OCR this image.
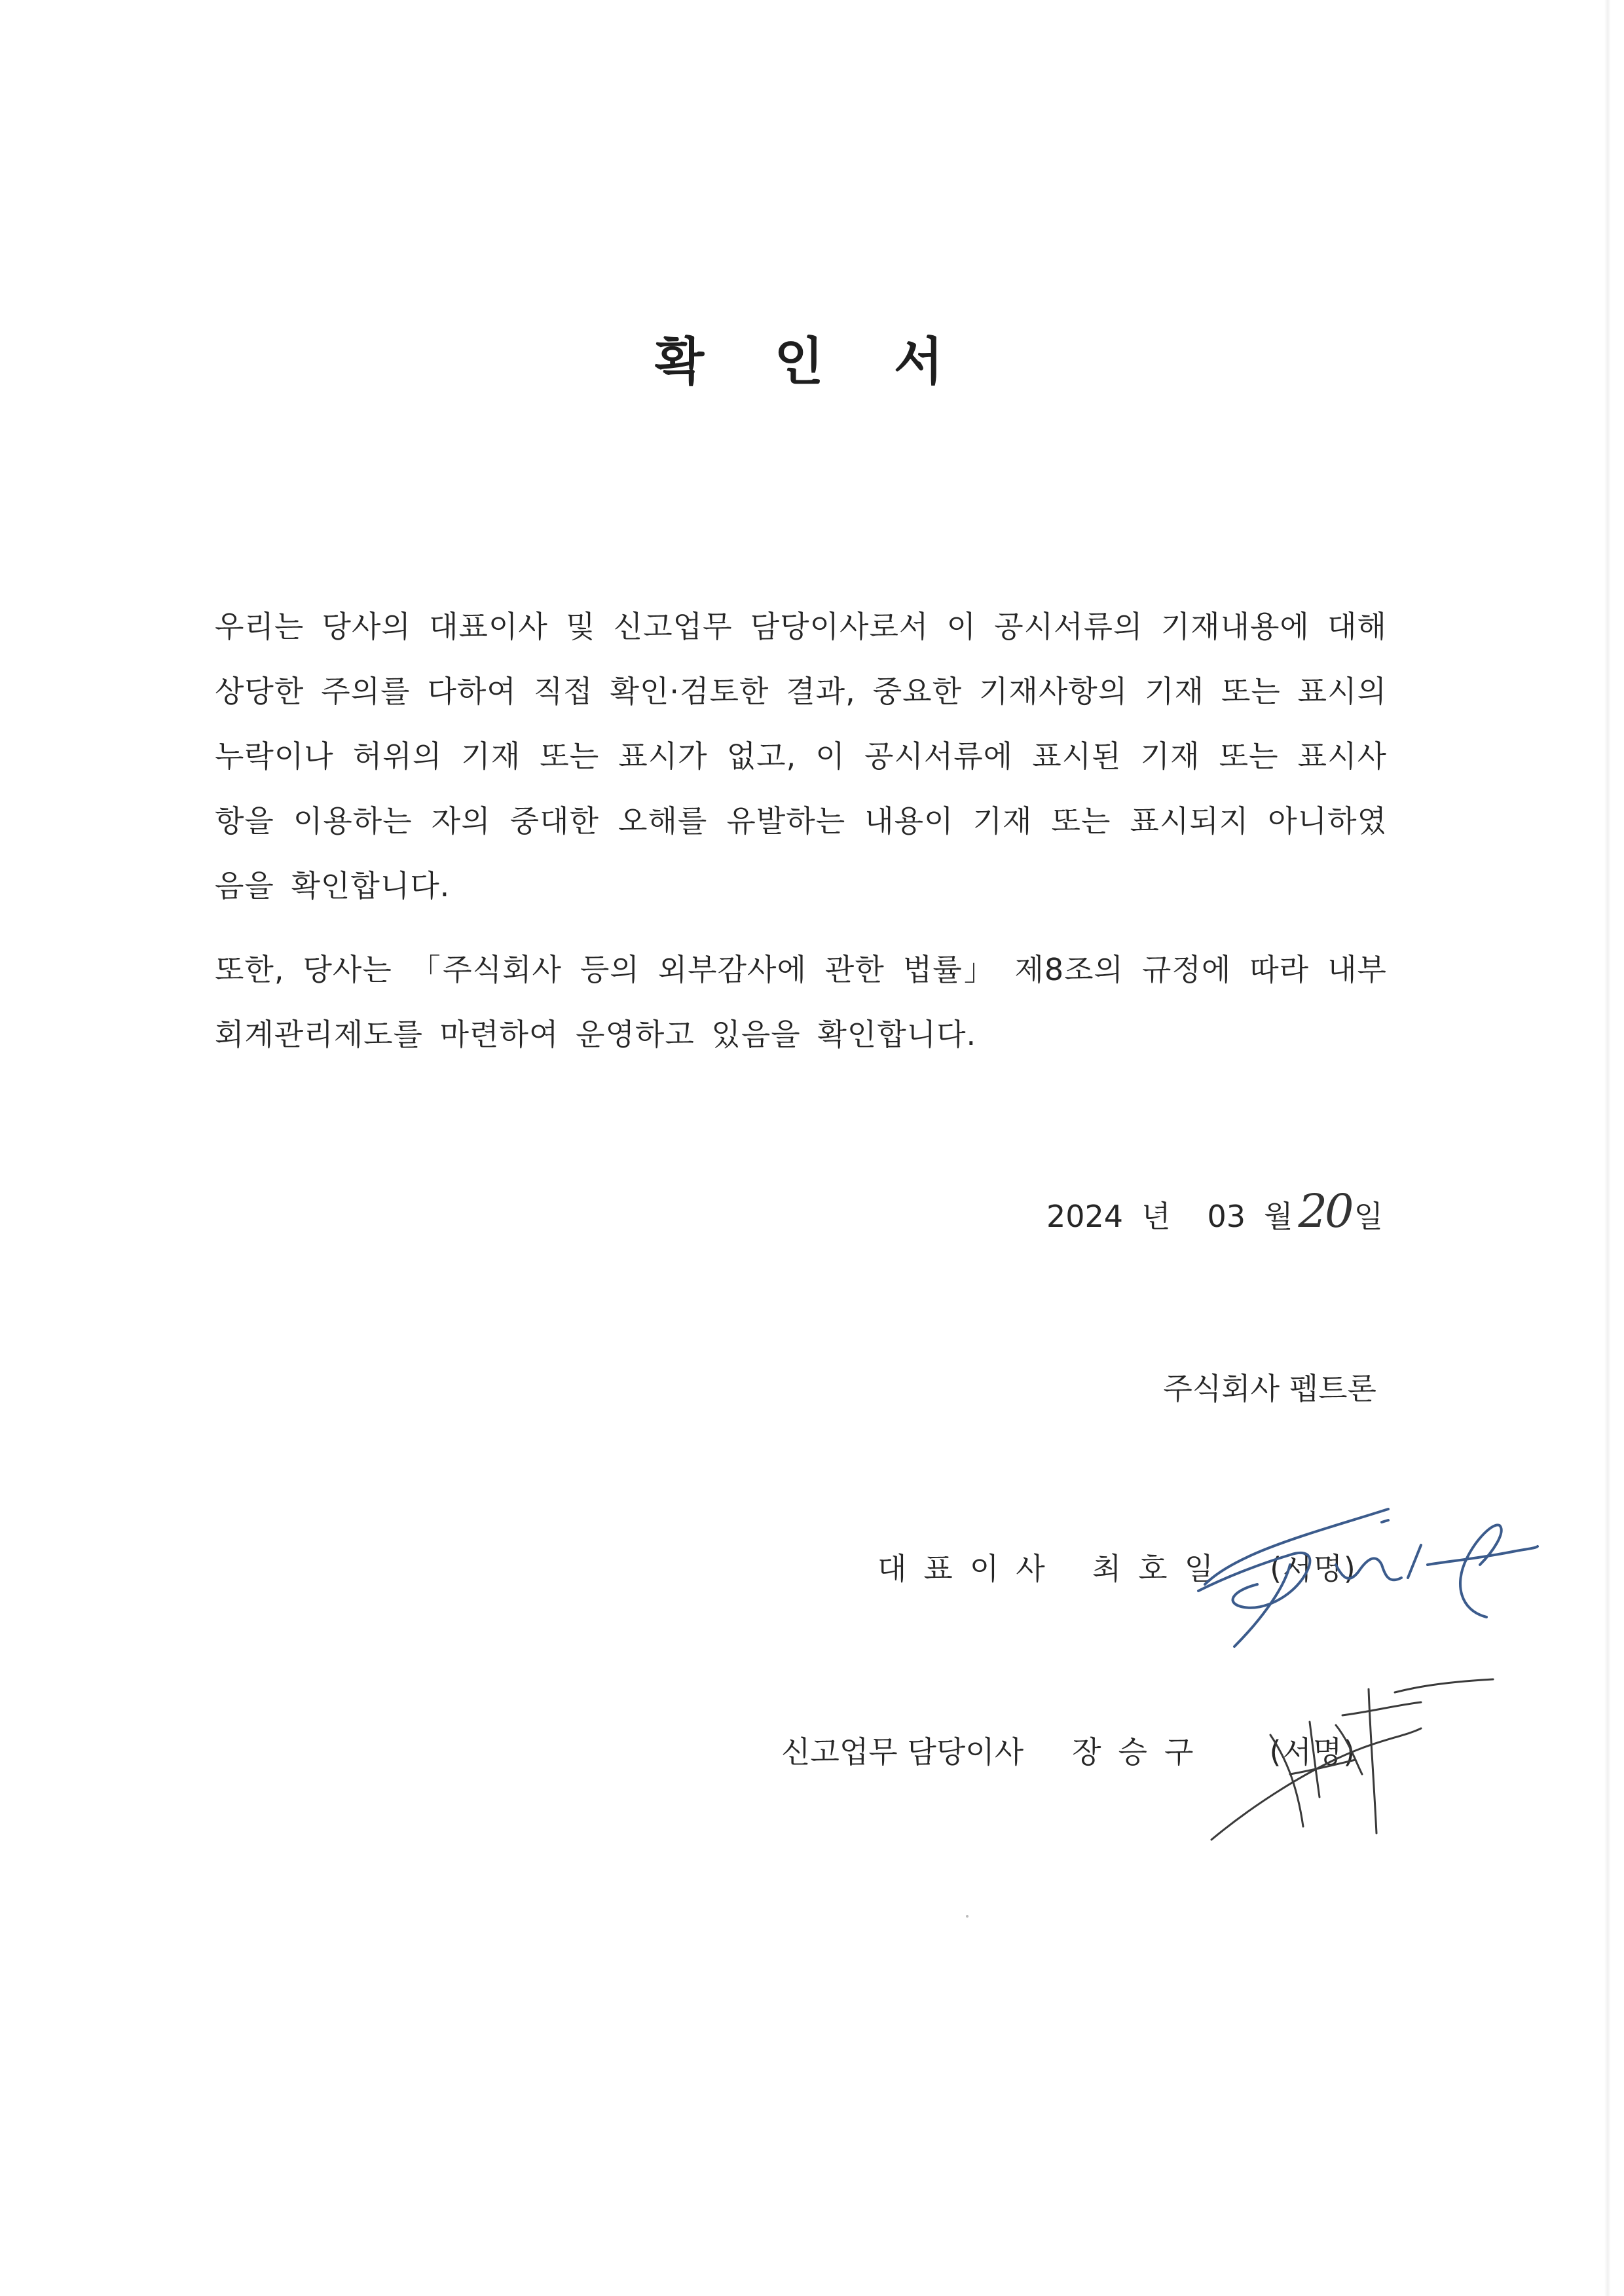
확 인 서

우리는 당사의 대표이사 및 신고업무 담당이사로서 이 공시서류의 기재내용에 대해 상당한 주의를 다하여 직접 확인·검토한 결과, 중요한 기재사항의 기재 또는 표시의 누락이나 허위의 기재 또는 표시가 없고, 이 공시서류에 표시된 기재 또는 표시사항을 이용하는 자의 중대한 오해를 유발하는 내용이 기재 또는 표시되지 아니하였음을 확인합니다.

또한, 당사는 「주식회사 등의 외부감사에 관한 법률」 제8조의 규정에 따라 내부회계관리제도를 마련하여 운영하고 있음을 확인합니다.

2024 년 03 월 20 일
주식회사 펩트론
대표이사 최호일 (서명)
신고업무 담당이사 장승구 (서명)
